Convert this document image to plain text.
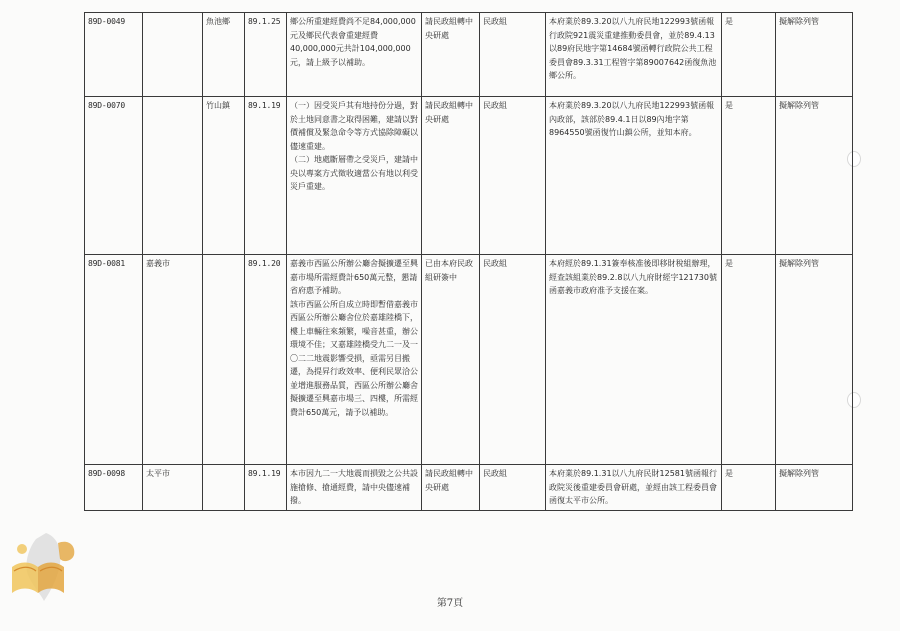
89D-0049		魚池鄉	89.1.25	鄉公所重建經費尚不足84,000,000元及鄉民代表會重建經費40,000,000元共計104,000,000元，請上級予以補助。	請民政組轉中央研處	民政組	本府業於89.3.20以八九府民地122993號函報行政院921震災重建推動委員會，並於89.4.13以89府民地字第14684號函轉行政院公共工程委員會89.3.31工程管字第89007642函復魚池鄉公所。	是	擬解除列管
89D-0070		竹山鎮	89.1.19	（一）因受災戶其有地持份分過，對於土地同意書之取得困難，建請以對價補償及緊急命令等方式協除障礙以儘速重建。
（二）地處斷層帶之受災戶，建請中央以專案方式徵收適當公有地以利受災戶重建。	請民政組轉中央研處	民政組	本府業於89.3.20以八九府民地122993號函報內政部，該部於89.4.1日以89內地字第8964550號函復竹山鎮公所，並知本府。	是	擬解除列管
89D-0081	嘉義市		89.1.20	嘉義市西區公所辦公廳舍擬擴遷至興嘉市場所需經費計650萬元整，懇請省府惠予補助。
該市西區公所自成立時即暫借嘉義市西區公所辦公廳舍位於嘉雄陸橋下，樓上車輛往來頻繁，噪音甚重，辦公環境不佳；又嘉雄陸橋受九二一及一〇二二地震影響受損，亟需另目搬遷，為提昇行政效率、便利民眾洽公並增進服務品質，西區公所辦公廳舍擬擴遷至興嘉市場三、四樓，所需經費計650萬元，請予以補助。	已由本府民政組研簽中	民政組	本府經於89.1.31簽奉核准後即移財稅組辦理，經查該組業於89.2.8以八九府財經字121730號函嘉義市政府准予支援在案。	是	擬解除列管
89D-0098	太平市		89.1.19	本市因九二一大地震而損毀之公共設施搶修、搶通經費，請中央儘速補撥。	請民政組轉中央研處	民政組	本府業於89.1.31以八九府民財12581號函報行政院災後重建委員會研處，並經由該工程委員會函復太平市公所。	是	擬解除列管
第7頁
